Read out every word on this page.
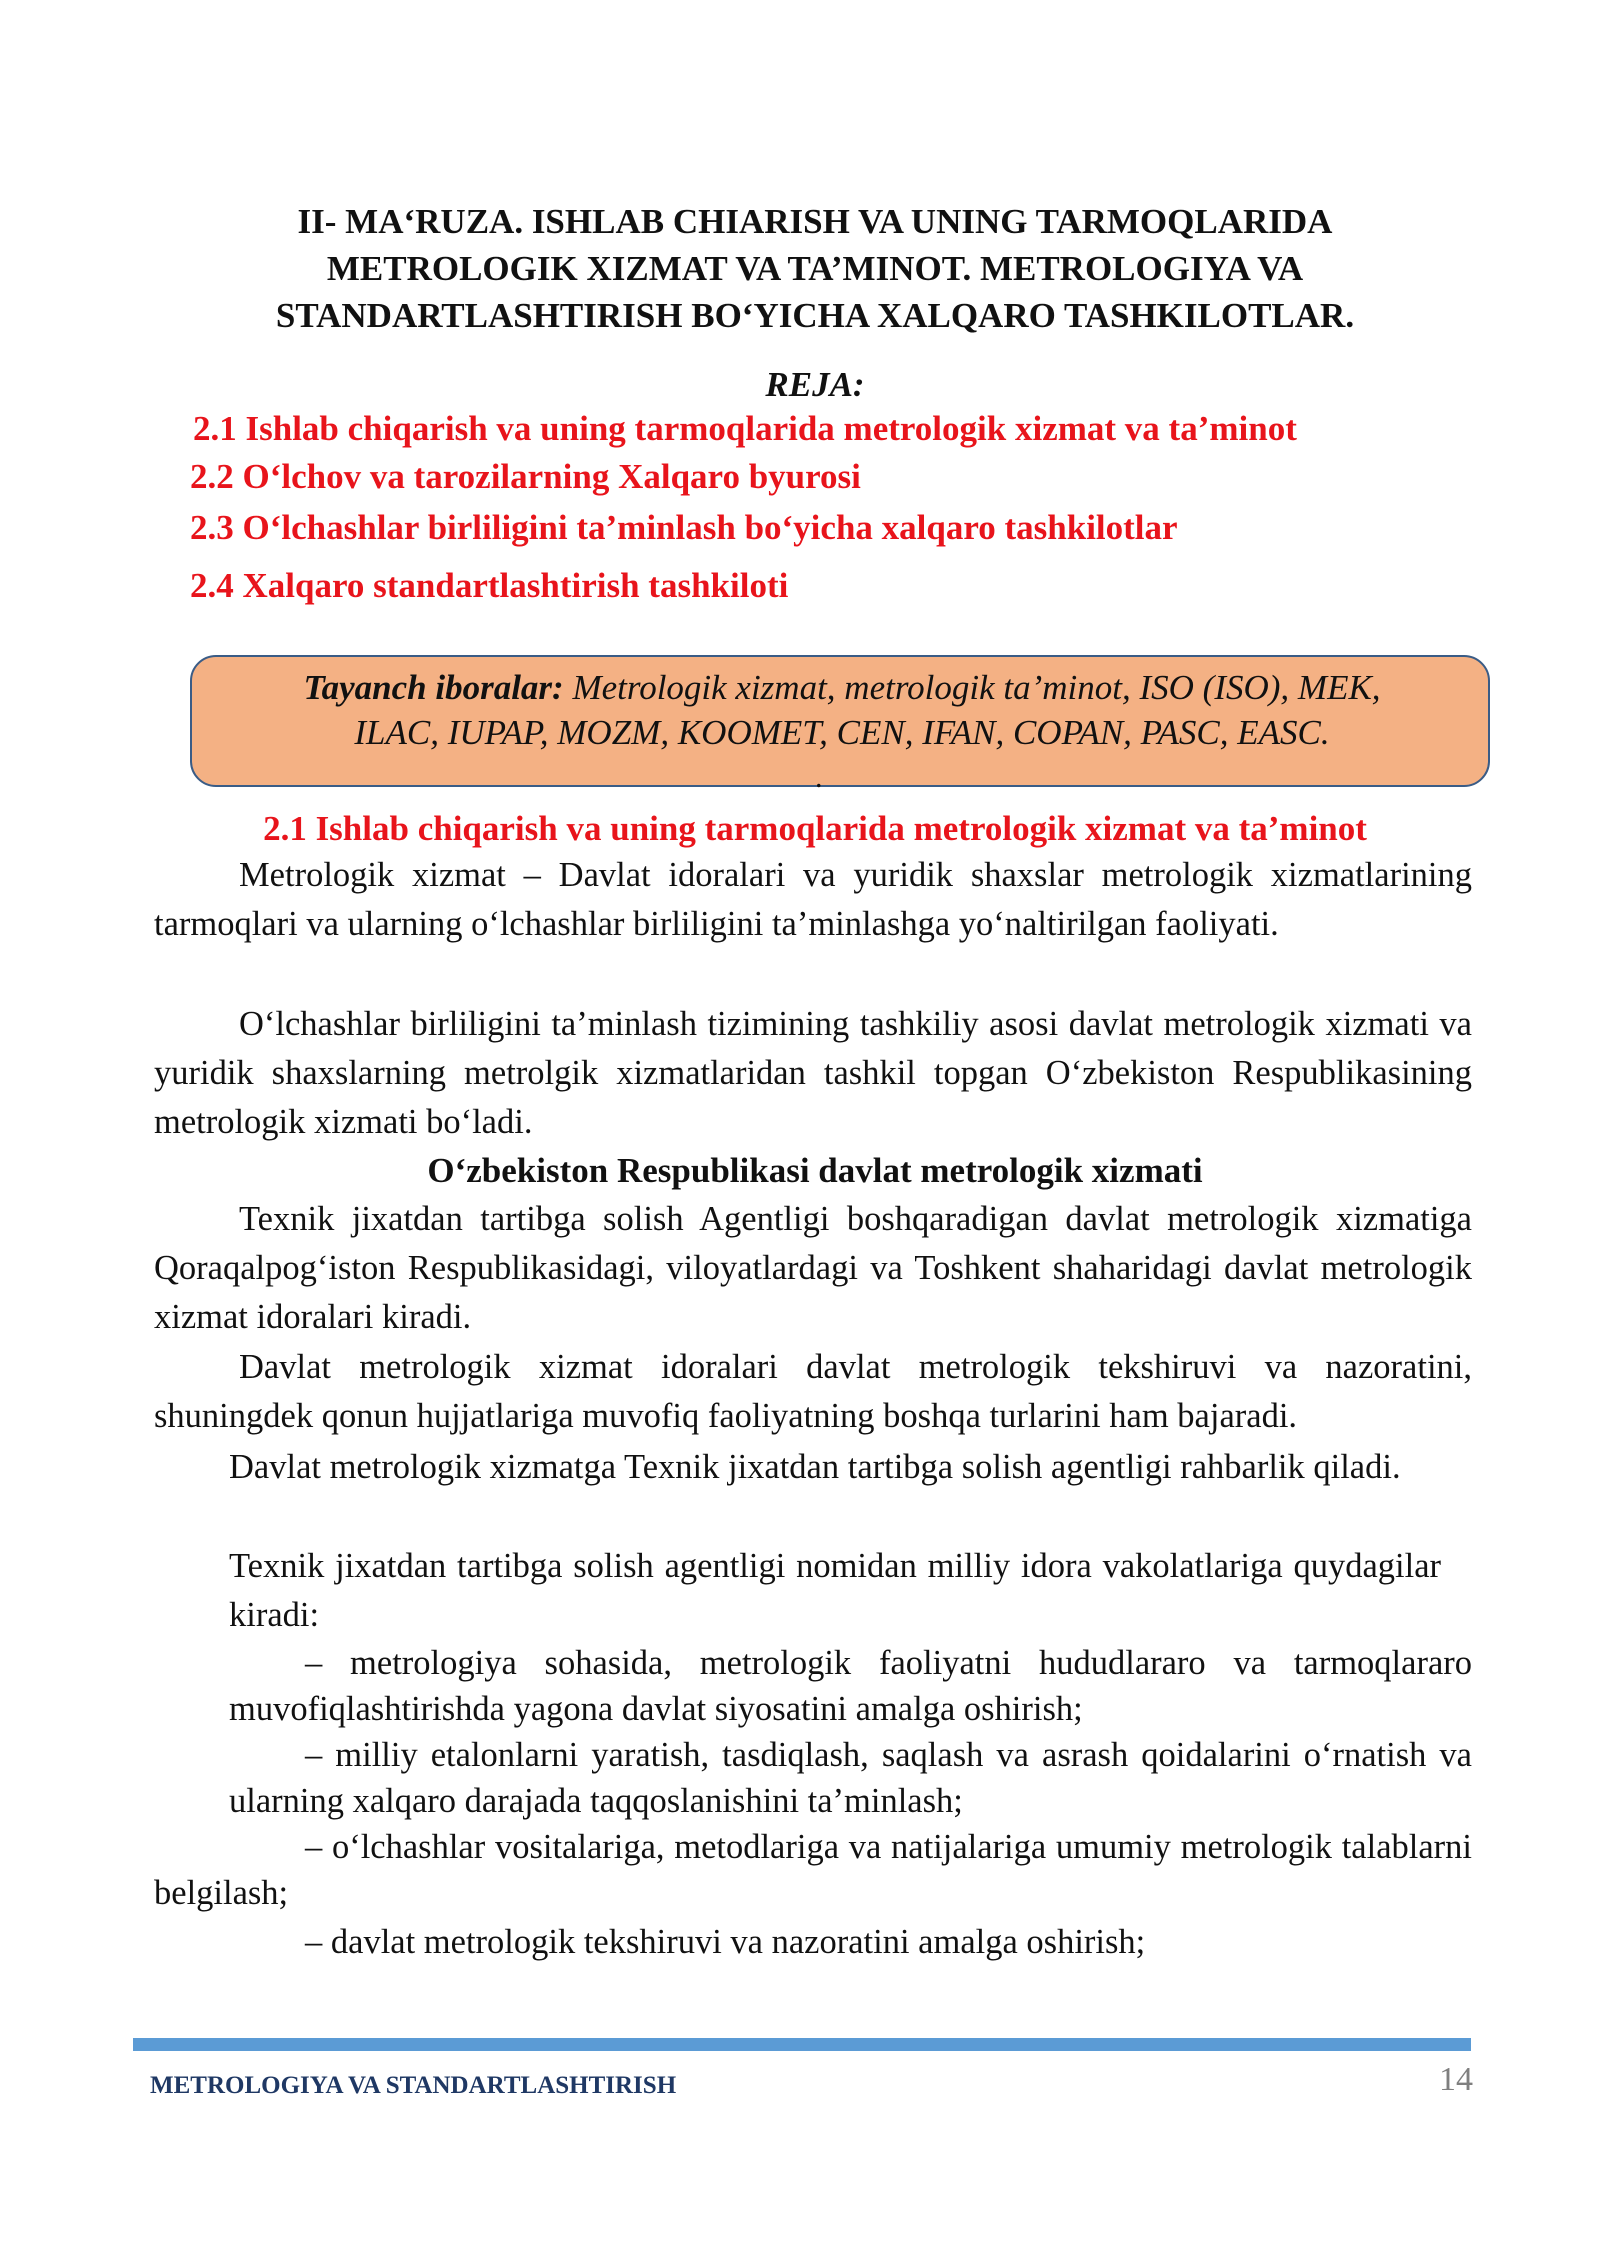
II- MA‘RUZA. ISHLAB CHIARISH VA UNING TARMOQLARIDA
METROLOGIK XIZMAT VA TA’MINOT. METROLOGIYA VA
STANDARTLASHTIRISH BO‘YICHA XALQARO TASHKILOTLAR.
REJA:
2.1 Ishlab chiqarish va uning tarmoqlarida metrologik xizmat va ta’minot
2.2 O‘lchov va tarozilarning Xalqaro byurosi
2.3 O‘lchashlar birliligini ta’minlash bo‘yicha xalqaro tashkilotlar
2.4 Xalqaro standartlashtirish tashkiloti
Tayanch iboralar: Metrologik xizmat, metrologik ta’minot, ISO (ISO), MEK,
ILAC, IUPAP, MOZM, KOOMET, CEN, IFAN, COPAN, PASC, EASC.
.
2.1 Ishlab chiqarish va uning tarmoqlarida metrologik xizmat va ta’minot

Metrologik xizmat – Davlat idoralari va yuridik shaxslar metrologik xizmatlarining tarmoqlari va ularning o‘lchashlar birliligini ta’minlashga yo‘naltirilgan faoliyati.

O‘lchashlar birliligini ta’minlash tizimining tashkiliy asosi davlat metrologik xizmati va yuridik shaxslarning metrolgik xizmatlaridan tashkil topgan O‘zbekiston Respublikasining metrologik xizmati bo‘ladi.

O‘zbekiston Respublikasi davlat metrologik xizmati

Texnik jixatdan tartibga solish Agentligi boshqaradigan davlat metrologik xizmatiga Qoraqalpog‘iston Respublikasidagi, viloyatlardagi va Toshkent shaharidagi davlat metrologik xizmat idoralari kiradi.

Davlat metrologik xizmat idoralari davlat metrologik tekshiruvi va nazoratini, shuningdek qonun hujjatlariga muvofiq faoliyatning boshqa turlarini ham bajaradi.

Davlat metrologik xizmatga Texnik jixatdan tartibga solish agentligi rahbarlik qiladi.

Texnik jixatdan tartibga solish agentligi nomidan milliy idora vakolatlariga quydagilar kiradi:

– metrologiya sohasida, metrologik faoliyatni hududlararo va tarmoqlararo muvofiqlashtirishda yagona davlat siyosatini amalga oshirish;

– milliy etalonlarni yaratish, tasdiqlash, saqlash va asrash qoidalarini o‘rnatish va ularning xalqaro darajada taqqoslanishini ta’minlash;

– o‘lchashlar vositalariga, metodlariga va natijalariga umumiy metrologik talablarni belgilash;

– davlat metrologik tekshiruvi va nazoratini amalga oshirish;

METROLOGIYA VA STANDARTLASHTIRISH	14
